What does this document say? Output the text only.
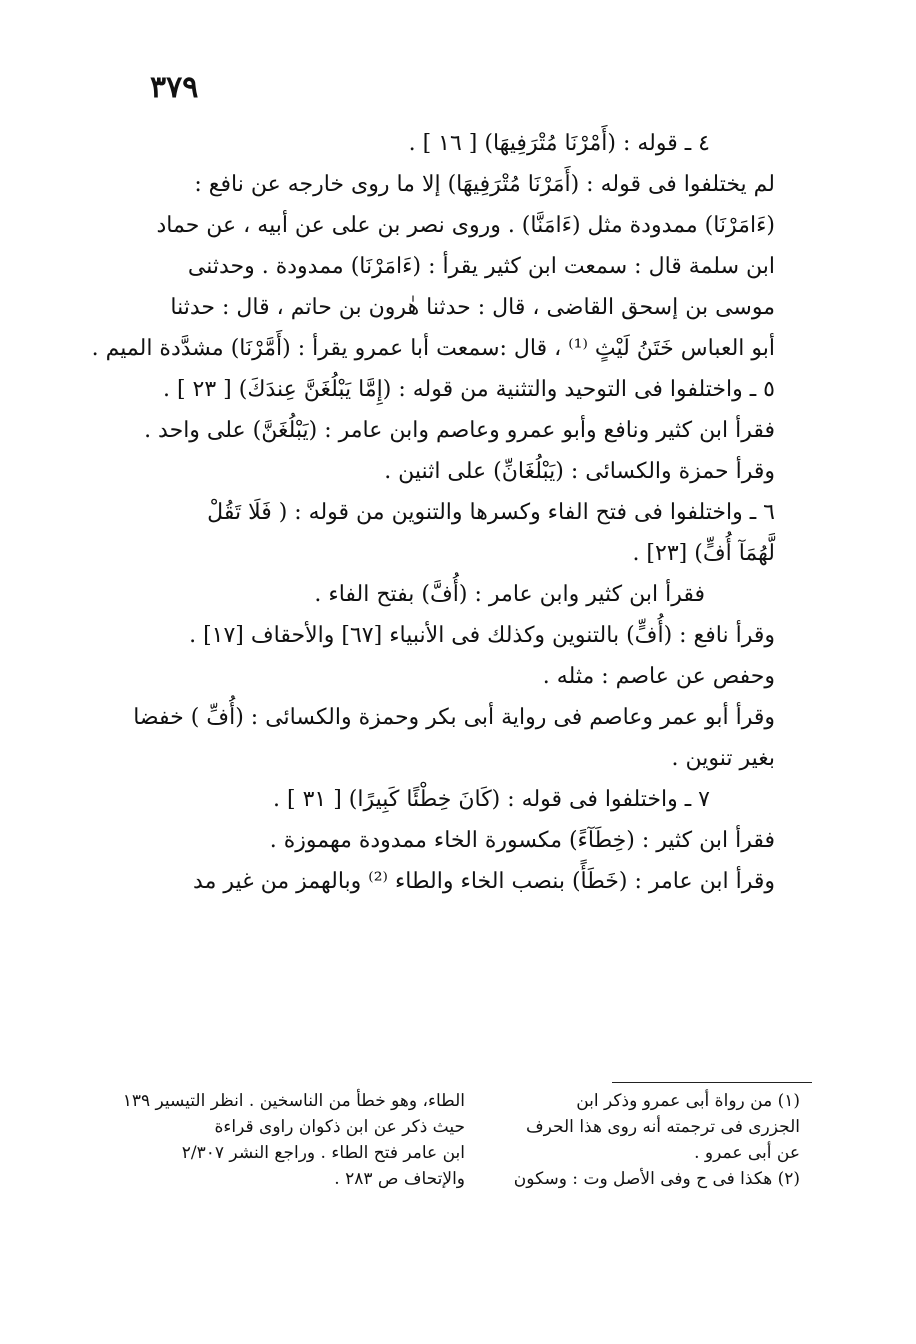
٣٧٩
٤ ـ قوله : (أَمْرْنَا مُتْرَفِيهَا) [ ١٦ ] .
لم يختلفوا فى قوله : (أَمَرْنَا مُتْرَفِيهَا) إلا ما روى خارجه عن نافع :
(ءَامَرْنَا) ممدودة مثل (ءَامَنَّا) . وروى نصر بن على عن أبيه ، عن حماد
ابن سلمة قال : سمعت ابن كثير يقرأ : (ءَامَرْنَا) ممدودة . وحدثنى
موسى بن إسحق القاضى ، قال : حدثنا هٰرون بن حاتم ، قال : حدثنا
أبو العباس خَتَنُ لَيْثٍ ⁽¹⁾ ، قال :سمعت أبا عمرو يقرأ : (أَمَّرْنَا) مشدَّدة الميم .
٥ ـ واختلفوا فى التوحيد والتثنية من قوله : (إِمَّا يَبْلُغَنَّ عِندَكَ) [ ٢٣ ] .
فقرأ ابن كثير ونافع وأبو عمرو وعاصم وابن عامر : (يَبْلُغَنَّ) على واحد .
وقرأ حمزة والكسائى : (يَبْلُغَانِّ) على اثنين .
٦ ـ واختلفوا فى فتح الفاء وكسرها والتنوين من قوله : ( فَلَا تَقُلْ
لَّهُمَآ أُفٍّ) [٢٣] .
فقرأ ابن كثير وابن عامر : (أُفَّ) بفتح الفاء .
وقرأ نافع : (أُفٍّ) بالتنوين وكذلك فى الأنبياء [٦٧] والأحقاف [١٧] .
وحفص عن عاصم : مثله .
وقرأ أبو عمر وعاصم فى رواية أبى بكر وحمزة والكسائى : (أُفِّ ) خفضا
بغير تنوين .
٧ ـ واختلفوا فى قوله : (كَانَ خِطْئًا كَبِيرًا) [ ٣١ ] .
فقرأ ابن كثير : (خِطَآءً) مكسورة الخاء ممدودة مهموزة .
وقرأ ابن عامر : (خَطَأً) بنصب الخاء والطاء ⁽²⁾ وبالهمز من غير مد
(١) من رواة أبى عمرو وذكر ابن
الجزرى فى ترجمته أنه روى هذا الحرف
عن أبى عمرو .
(٢) هكذا فى ح وفى الأصل وت : وسكون
الطاء، وهو خطأ من الناسخين . انظر التيسير ١٣٩
حيث ذكر عن ابن ذكوان راوى قراءة
ابن عامر فتح الطاء . وراجع النشر ٢/٣٠٧
والإتحاف ص ٢٨٣ .
